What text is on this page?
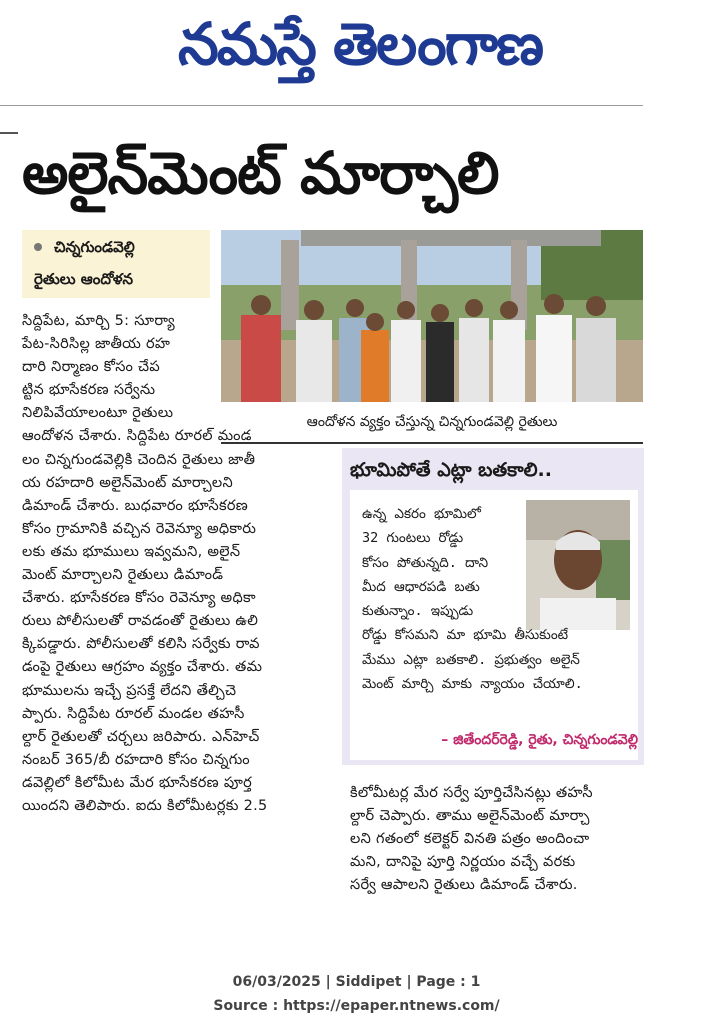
నమస్తే తెలంగాణ
అలైన్‌మెంట్ మార్చాలి
చిన్నగుండవెల్లి
రైతులు ఆందోళన
ఆందోళన వ్యక్తం చేస్తున్న చిన్నగుండవెల్లి రైతులు
సిద్దిపేట, మార్చి 5: సూర్యా
పేట-సిరిసిల్ల జాతీయ రహ
దారి నిర్మాణం కోసం చేప
ట్టిన భూసేకరణ సర్వేను
నిలిపివేయాలంటూ రైతులు
ఆందోళన చేశారు. సిద్దిపేట రూరల్ మండ
లం చిన్నగుండవెల్లికి చెందిన రైతులు జాతీ
య రహదారి అలైన్‌మెంట్ మార్చాలని
డిమాండ్ చేశారు. బుధవారం భూసేకరణ
కోసం గ్రామానికి వచ్చిన రెవెన్యూ అధికారు
లకు తమ భూములు ఇవ్వమని, అలైన్‌
మెంట్ మార్చాలని రైతులు డిమాండ్
చేశారు. భూసేకరణ కోసం రెవెన్యూ అధికా
రులు పోలీసులతో రావడంతో రైతులు ఉలి
క్కిపడ్డారు. పోలీసులతో కలిసి సర్వేకు రావ
డంపై రైతులు ఆగ్రహం వ్యక్తం చేశారు. తమ
భూములను ఇచ్చే ప్రసక్తే లేదని తేల్చిచె
ప్పారు. సిద్దిపేట రూరల్ మండల తహసీ
ల్దార్ రైతులతో చర్చలు జరిపారు. ఎన్‌హెచ్
నంబర్ 365/బీ రహదారి కోసం చిన్నగుం
డవెల్లిలో కిలోమీట మేర భూసేకరణ పూర్త
యిందని తెలిపారు. ఐదు కిలోమీటర్లకు 2.5
భూమిపోతే ఎట్లా బతకాలి..
ఉన్న ఎకరం భూమిలో
32 గుంటలు రోడ్డు
కోసం పోతున్నది. దాని
మీద ఆధారపడి బతు
కుతున్నాం. ఇప్పుడు
రోడ్డు కోసమని మా భూమి తీసుకుంటే
మేము ఎట్లా బతకాలి. ప్రభుత్వం అలైన్‌
మెంట్ మార్చి మాకు న్యాయం చేయాలి.
– జితేందర్‌రెడ్డి, రైతు, చిన్నగుండవెల్లి
కిలోమీటర్ల మేర సర్వే పూర్తిచేసినట్లు తహసీ
ల్దార్ చెప్పారు. తాము అలైన్‌మెంట్ మార్చా
లని గతంలో కలెక్టర్ వినతి పత్రం అందించా
మని, దానిపై పూర్తి నిర్ణయం వచ్చే వరకు
సర్వే ఆపాలని రైతులు డిమాండ్ చేశారు.
06/03/2025 | Siddipet | Page : 1
Source : https://epaper.ntnews.com/
